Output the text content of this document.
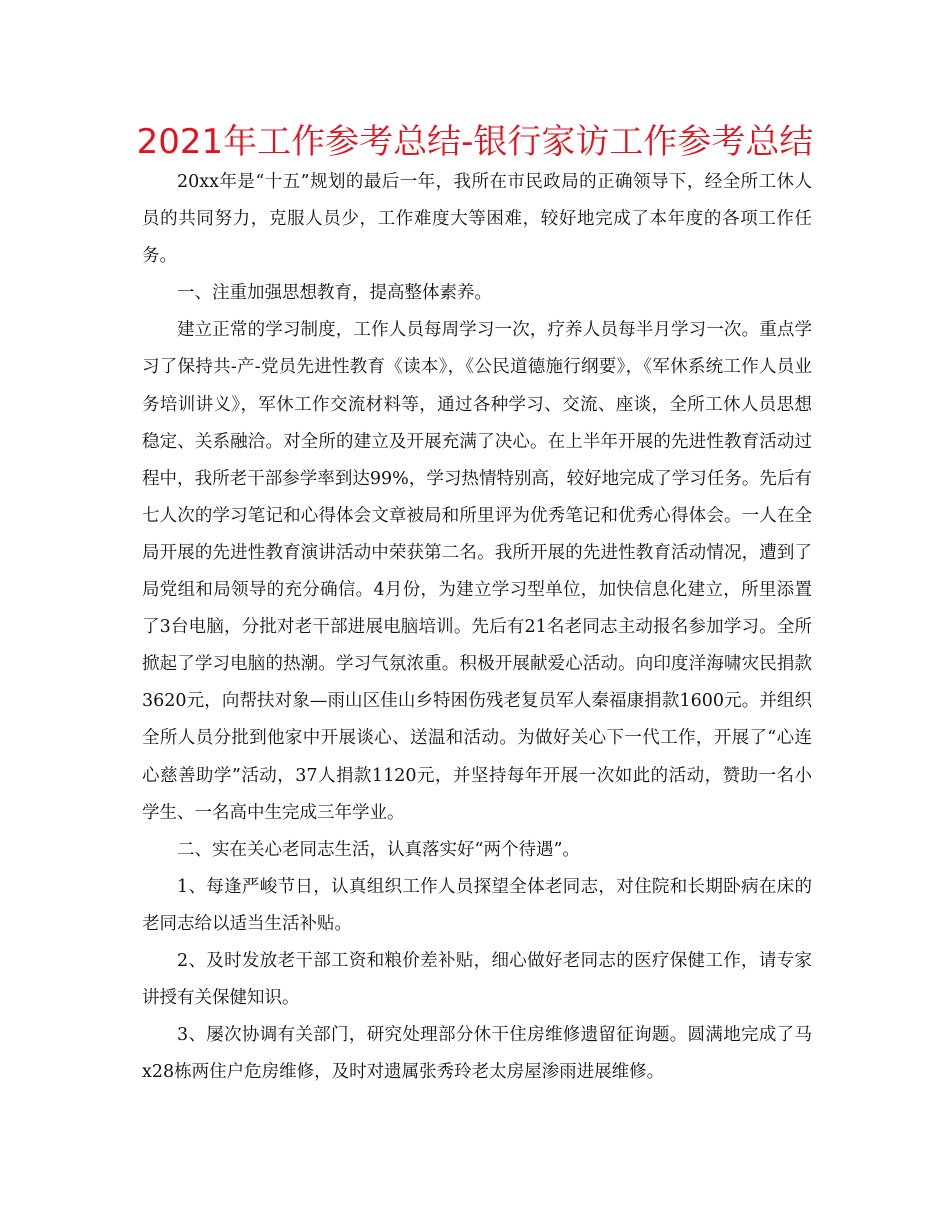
2021年工作参考总结-银行家访工作参考总结

20xx年是“十五”规划的最后一年，我所在市民政局的正确领导下，经全所工休人员的共同努力，克服人员少，工作难度大等困难，较好地完成了本年度的各项工作任务。

一、注重加强思想教育，提高整体素养。

建立正常的学习制度，工作人员每周学习一次，疗养人员每半月学习一次。重点学习了保持共-产-党员先进性教育《读本》，《公民道德施行纲要》，《军休系统工作人员业务培训讲义》，军休工作交流材料等，通过各种学习、交流、座谈，全所工休人员思想稳定、关系融洽。对全所的建立及开展充满了决心。在上半年开展的先进性教育活动过程中，我所老干部参学率到达99%，学习热情特别高，较好地完成了学习任务。先后有七人次的学习笔记和心得体会文章被局和所里评为优秀笔记和优秀心得体会。一人在全局开展的先进性教育演讲活动中荣获第二名。我所开展的先进性教育活动情况，遭到了局党组和局领导的充分确信。4月份，为建立学习型单位，加快信息化建立，所里添置了3台电脑，分批对老干部进展电脑培训。先后有21名老同志主动报名参加学习。全所掀起了学习电脑的热潮。学习气氛浓重。积极开展献爱心活动。向印度洋海啸灾民捐款3620元，向帮扶对象—雨山区佳山乡特困伤残老复员军人秦福康捐款1600元。并组织全所人员分批到他家中开展谈心、送温和活动。为做好关心下一代工作，开展了“心连心慈善助学”活动，37人捐款1120元，并坚持每年开展一次如此的活动，赞助一名小学生、一名高中生完成三年学业。

二、实在关心老同志生活，认真落实好“两个待遇”。

1、每逢严峻节日，认真组织工作人员探望全体老同志，对住院和长期卧病在床的老同志给以适当生活补贴。

2、及时发放老干部工资和粮价差补贴，细心做好老同志的医疗保健工作，请专家讲授有关保健知识。

3、屡次协调有关部门，研究处理部分休干住房维修遗留征询题。圆满地完成了马x28栋两住户危房维修，及时对遗属张秀玲老太房屋渗雨进展维修。
